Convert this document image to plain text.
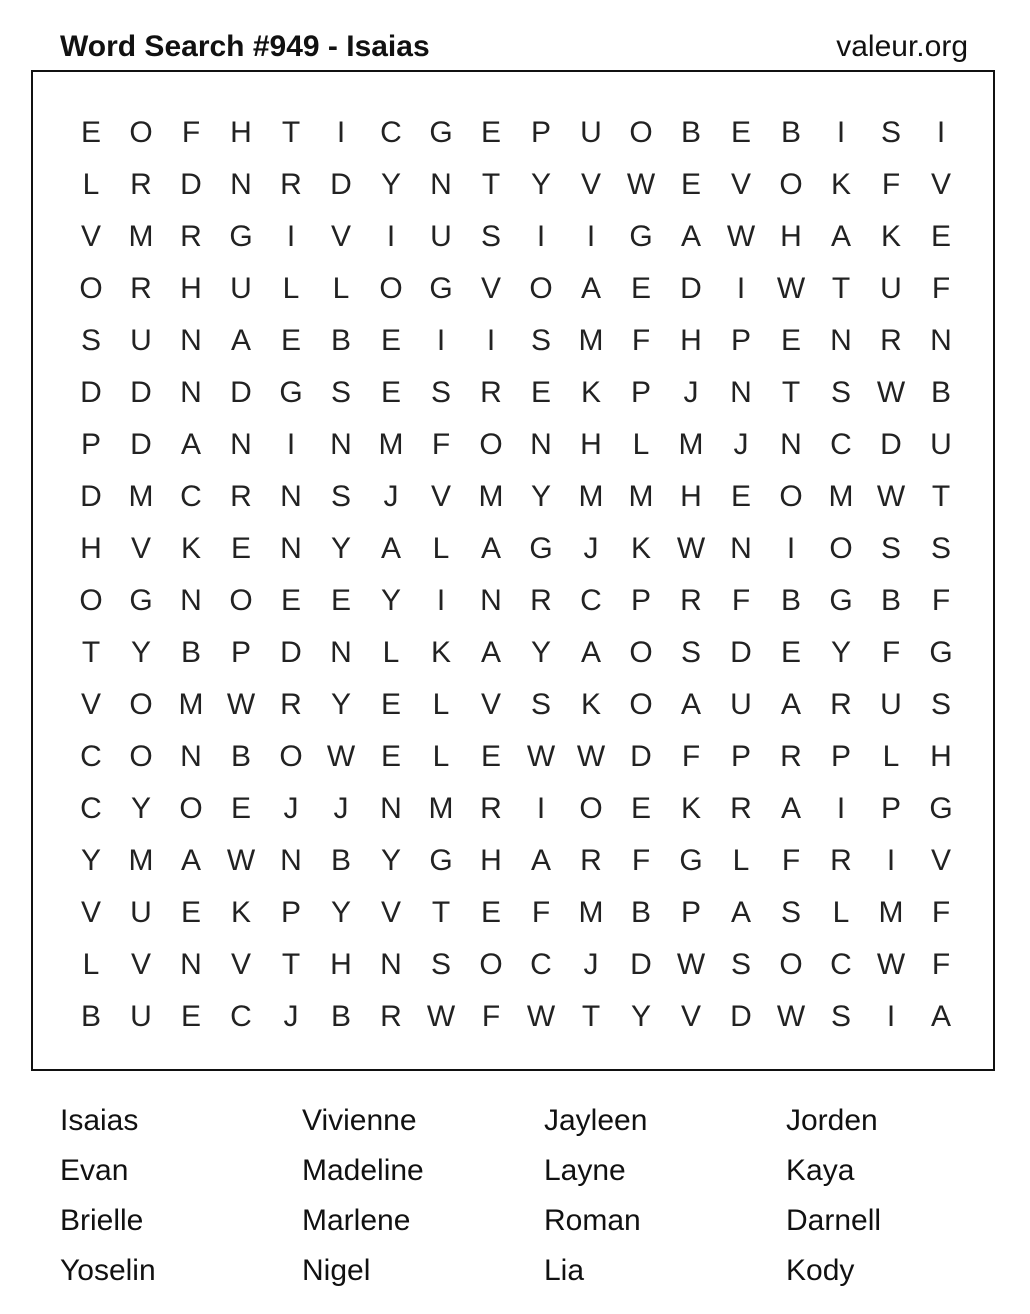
Word Search #949 - Isaias	valeur.org
E O F	H	T	I	C G E P U O B E B	I	S	I
L	R D N R D Y N	T	Y V W E V O K	F	V
V M R G	I	V	I	U S	I	I	G A W H A K E
O R H U	L	L O G V O A E D	I	W T	U	F
S U N A E B E	I	I	S M F	H P E N R N
D D N D G S E S R E K P	J	N	T	S W B
P D A N	I	N M F O N H	L M	J	N C D U
D M C R N S	J	V M Y M M H E O M W T
H V K E N Y A	L	A G	J	K W N	I	O S S
O G N O E E Y	I	N R C P R	F	B G B	F
T	Y B P D N	L	K A Y A O S D E Y	F G
V O M W R Y E	L	V S K O A U A R U S
C O N B O W E	L	E W W D	F	P R P	L	H
C Y O E	J	J	N M R	I	O E K R A	I	P G
Y M A W N B Y G H A R	F G L	F	R	I	V
V U E K P Y V	T	E	F M B P A S	L M F
L	V N V	T	H N S O C	J	D W S O C W F
B U E C	J	B R W F W T	Y V D W S	I	A
Isaias	Vivienne	Jayleen	Jorden
Evan	Madeline	Layne	Kaya
Brielle	Marlene	Roman	Darnell
Yoselin	Nigel	Lia	Kody
